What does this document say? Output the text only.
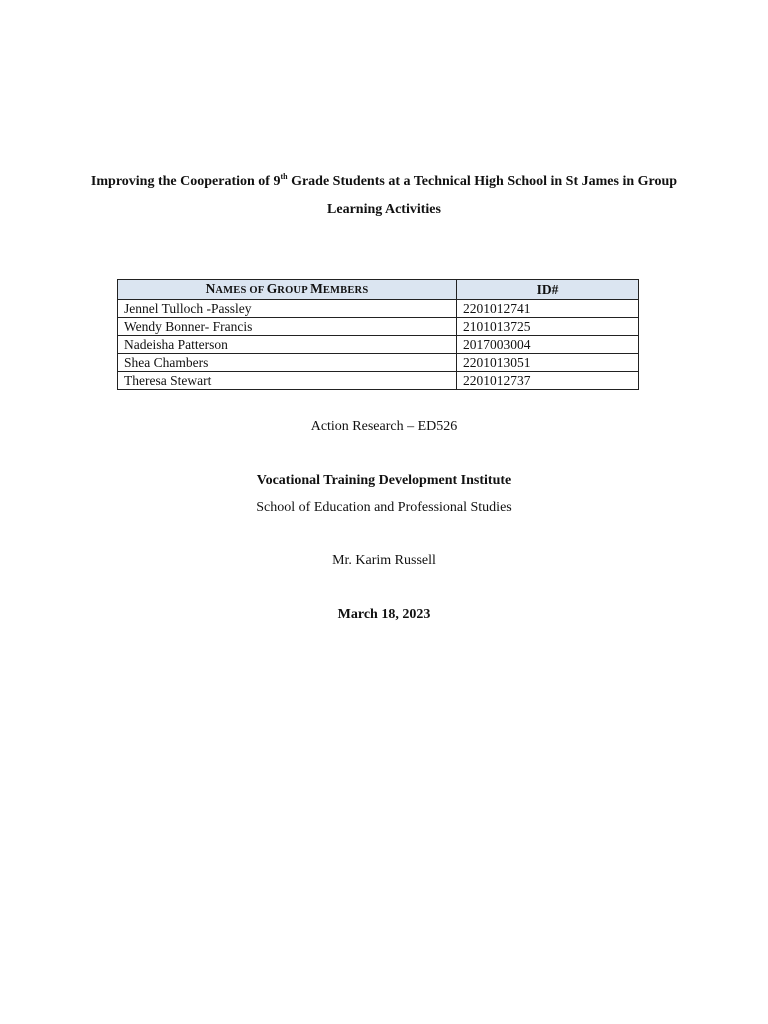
Improving the Cooperation of 9th Grade Students at a Technical High School in St James in Group
Learning Activities
NAMES OF GROUP MEMBERS	ID#
Jennel Tulloch -Passley	2201012741
Wendy Bonner- Francis	2101013725
Nadeisha Patterson	2017003004
Shea Chambers	2201013051
Theresa Stewart	2201012737
Action Research – ED526
Vocational Training Development Institute
School of Education and Professional Studies
Mr. Karim Russell
March 18, 2023
